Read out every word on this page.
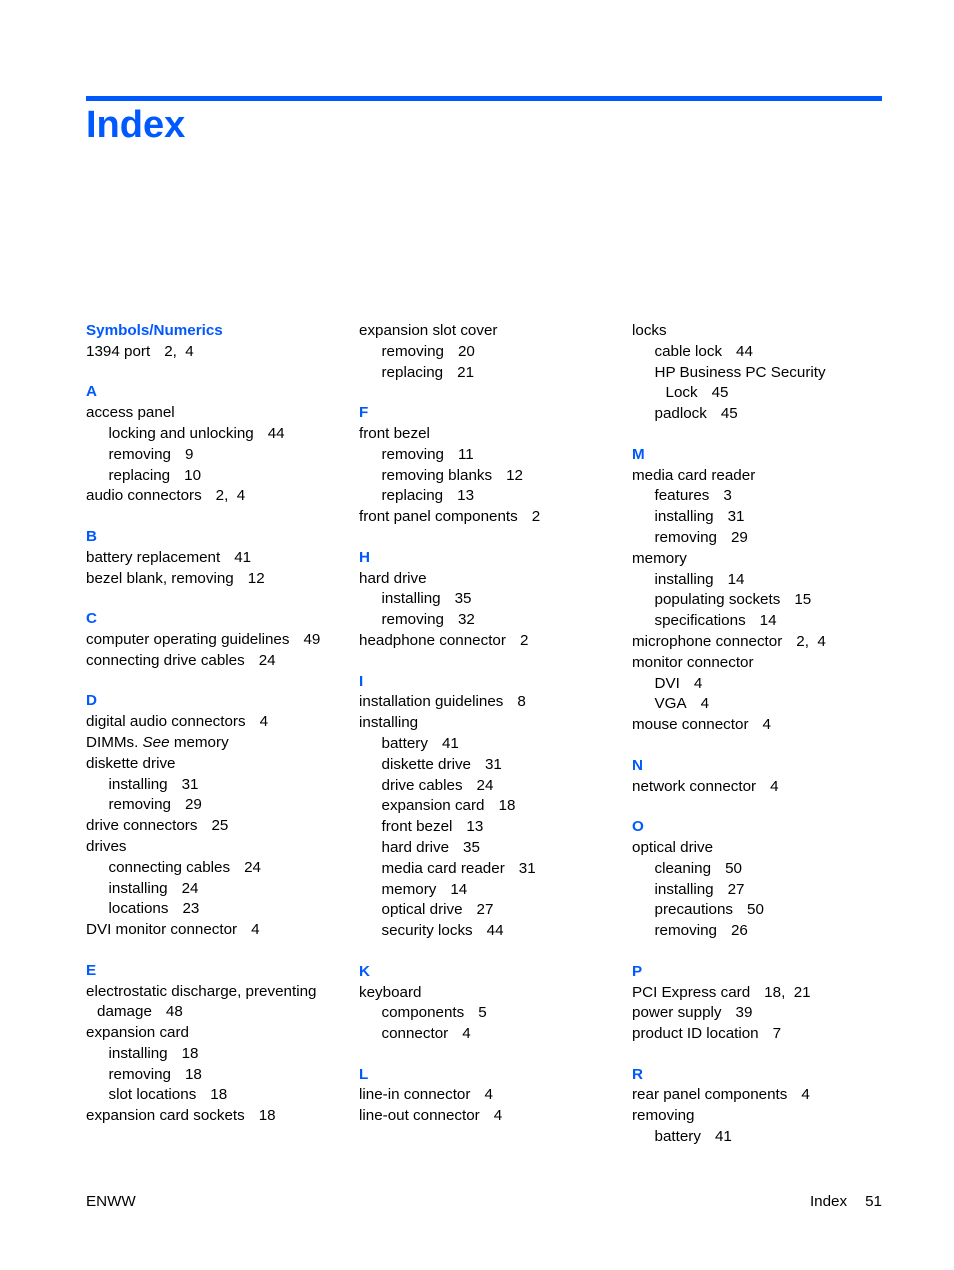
Index
Symbols/Numerics
1394 port 2,  4
A
access panel
locking and unlocking 44
removing 9
replacing 10
audio connectors 2,  4
B
battery replacement 41
bezel blank, removing 12
C
computer operating guidelines 49
connecting drive cables 24
D
digital audio connectors 4
DIMMs. See memory
diskette drive
installing 31
removing 29
drive connectors 25
drives
connecting cables 24
installing 24
locations 23
DVI monitor connector 4
E
electrostatic discharge, preventing
damage 48
expansion card
installing 18
removing 18
slot locations 18
expansion card sockets 18
expansion slot cover
removing 20
replacing 21
F
front bezel
removing 11
removing blanks 12
replacing 13
front panel components 2
H
hard drive
installing 35
removing 32
headphone connector 2
I
installation guidelines 8
installing
battery 41
diskette drive 31
drive cables 24
expansion card 18
front bezel 13
hard drive 35
media card reader 31
memory 14
optical drive 27
security locks 44
K
keyboard
components 5
connector 4
L
line-in connector 4
line-out connector 4
locks
cable lock 44
HP Business PC Security
Lock 45
padlock 45
M
media card reader
features 3
installing 31
removing 29
memory
installing 14
populating sockets 15
specifications 14
microphone connector 2,  4
monitor connector
DVI 4
VGA 4
mouse connector 4
N
network connector 4
O
optical drive
cleaning 50
installing 27
precautions 50
removing 26
P
PCI Express card 18,  21
power supply 39
product ID location 7
R
rear panel components 4
removing
battery 41
ENWW	Index 51
